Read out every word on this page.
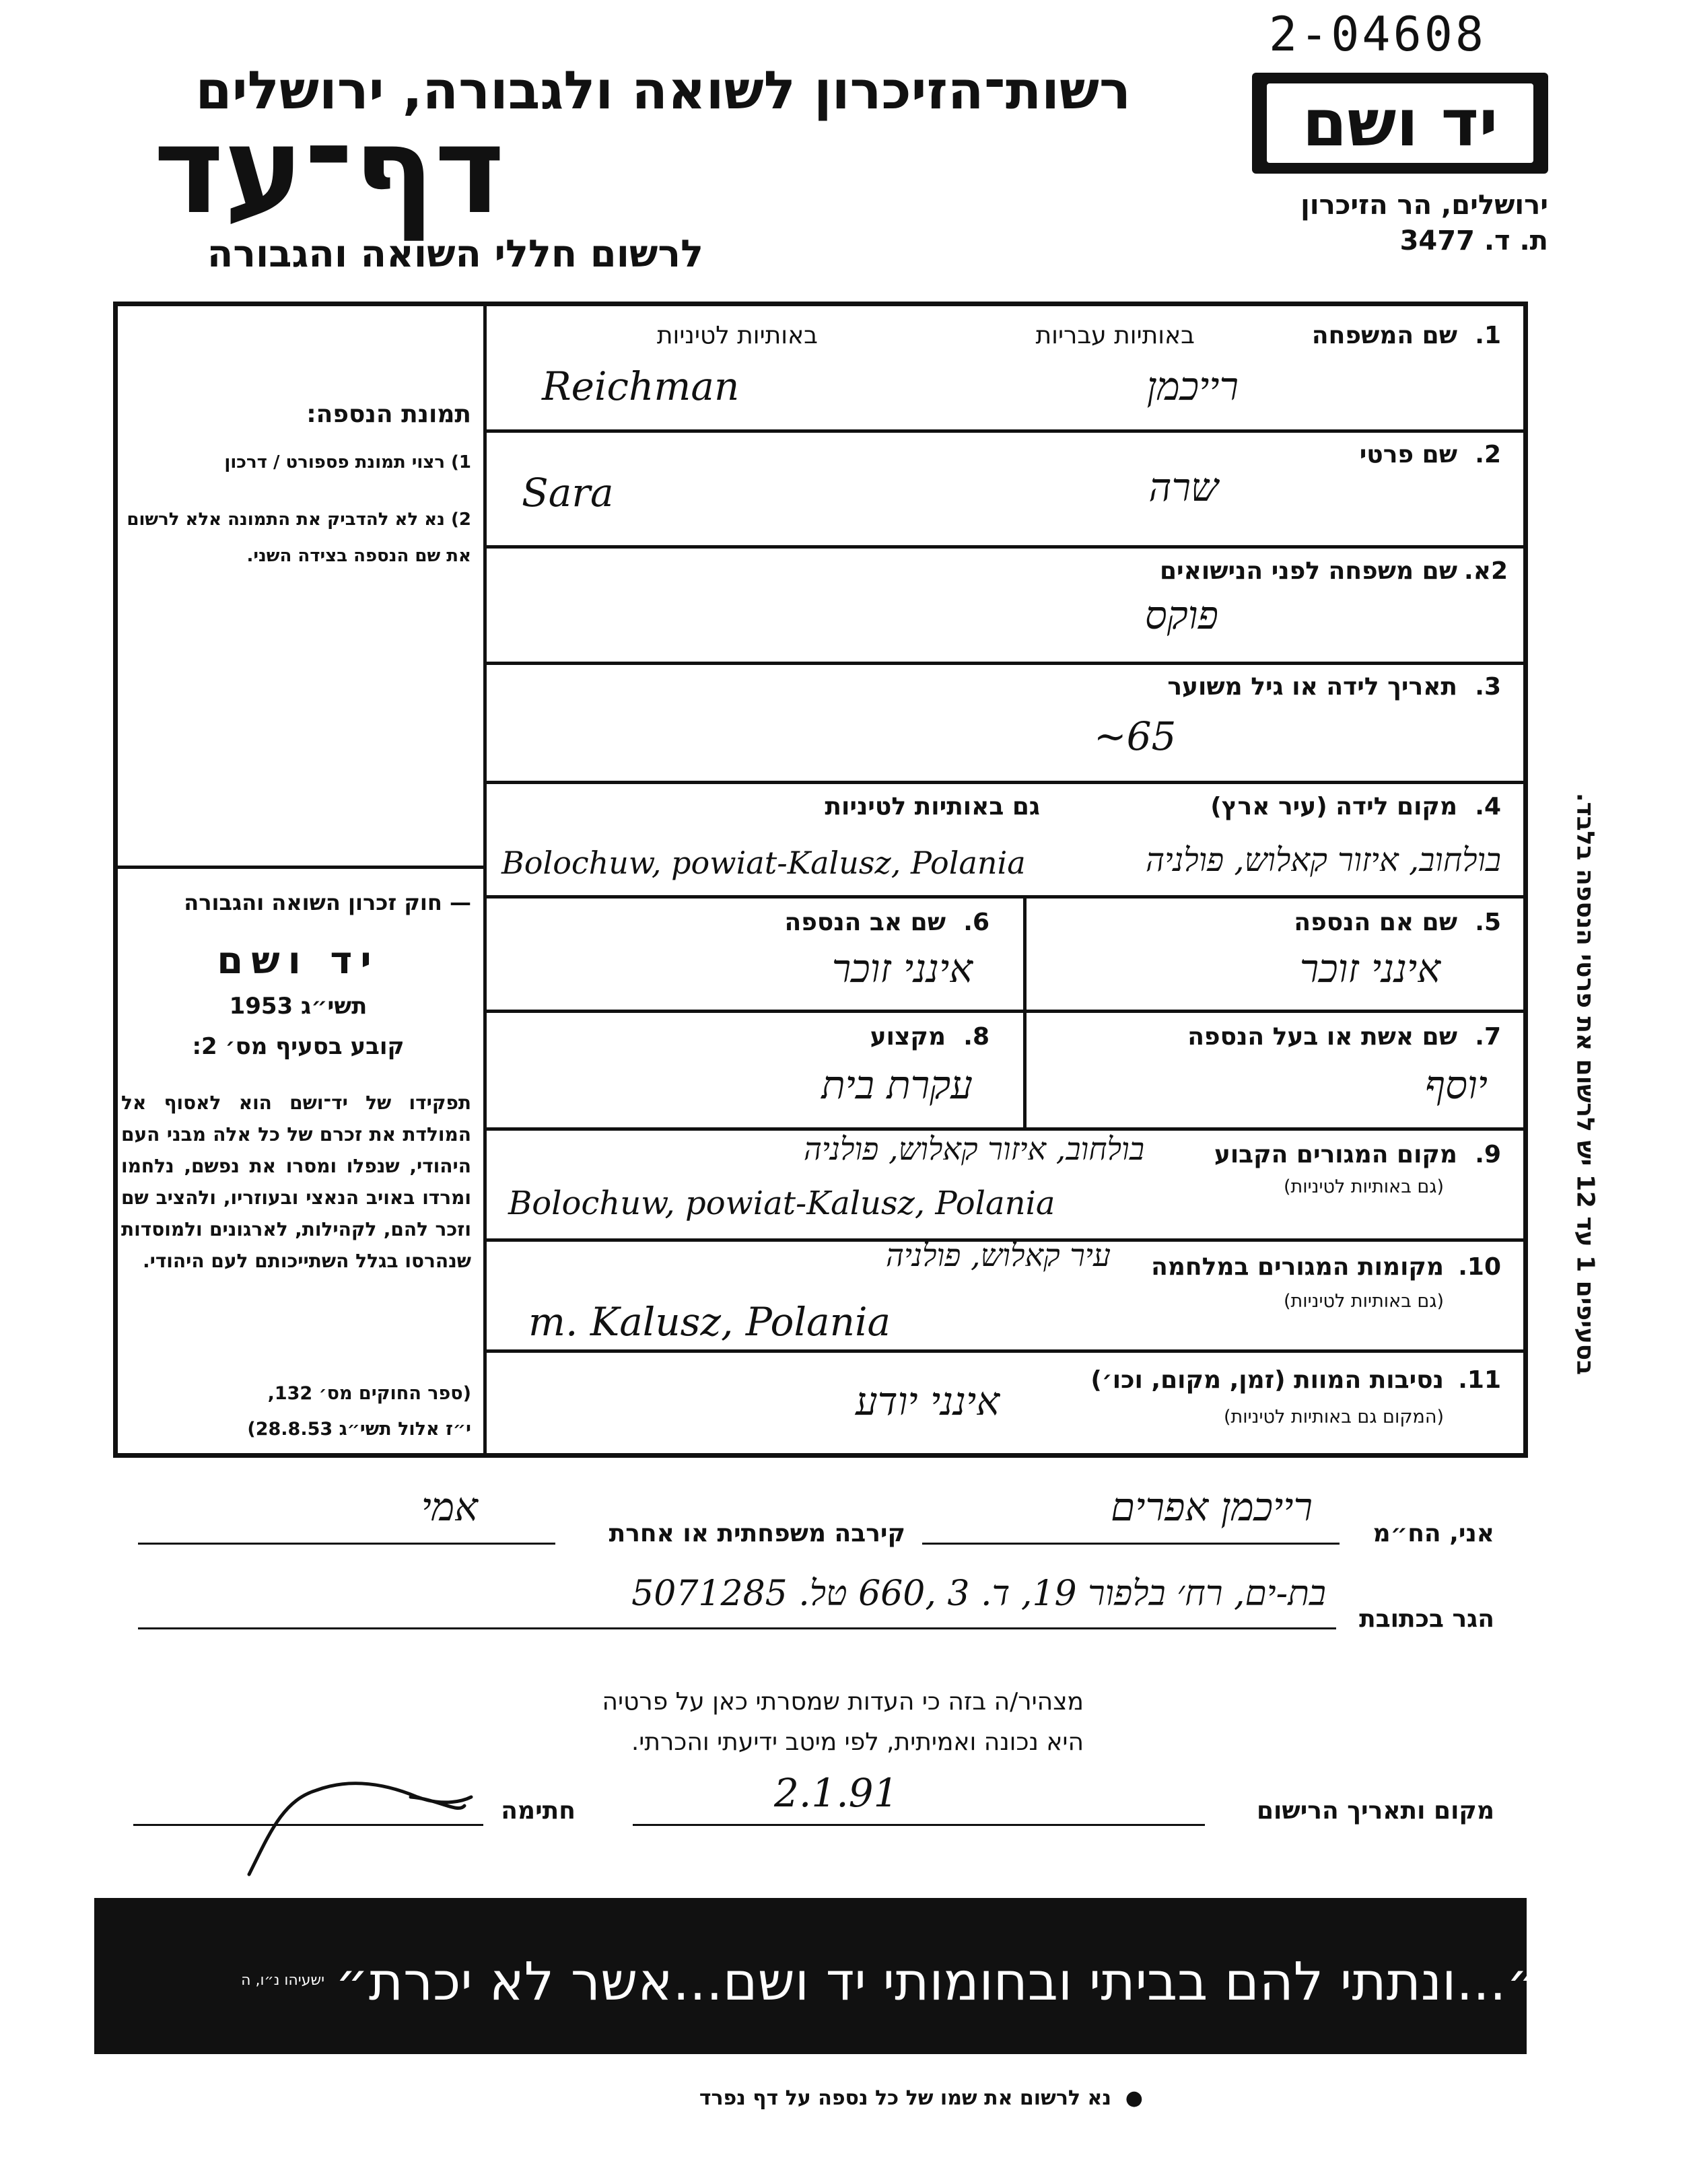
2-04608
רשות־הזיכרון לשואה ולגבורה, ירושלים
דף־עד
לרשום חללי השואה והגבורה
יד ושם
ירושלים, הר הזיכרון
ת. ד. 3477
תמונת הנספה:
1) רצוי תמונת פספורט / דרכון
2) נא לא להדביק את התמונה אלא לרשום את שם הנספה בצידה השני.
— חוק זכרון השואה והגבורה
יד ושם
תשי״ג 1953
קובע בסעיף מס׳ 2:
תפקידו של יד־ושם הוא לאסוף אל המולדת את זכרם של כל אלה מבני העם היהודי, שנפלו ומסרו את נפשם, נלחמו ומרדו באויב הנאצי ובעוזריו, ולהציב שם וזכר להם, לקהילות, לארגונים ולמוסדות שנהרסו בגלל השתייכותם לעם היהודי.
(ספר החוקים מס׳ 132,
י״ז אלול תשי״ג 28.8.53)
1.
שם המשפחה
באותיות עבריות
באותיות לטיניות
רייכמן
Reichman
2.
שם פרטי
שרה
Sara
2א.
שם משפחה לפני הנישואים
פוקס
3.
תאריך לידה או גיל משוער
~65
4.
מקום לידה (עיר ארץ)
גם באותיות לטיניות
Bolochuw, powiat-Kalusz, Polania	בולחוב, איזור קאלוש, פולניה
5.
שם אם הנספה
אינני זוכר
6.
שם אב הנספה
אינני זוכר
7.
שם אשת או בעל הנספה
יוסף
8.
מקצוע
עקרת בית
9.
מקום המגורים הקבוע
(גם באותיות לטיניות)
בולחוב, איזור קאלוש, פולניה
Bolochuw, powiat-Kalusz, Polania
10.
מקומות המגורים במלחמה
(גם באותיות לטיניות)
עיר קאלוש, פולניה
m. Kalusz, Polania
11.
נסיבות המוות (זמן, מקום, וכו׳)
(המקום גם באותיות לטיניות)
אינני יודע
בסעיפים 1 עד 12 יש לרשום את פרטי הנספה בלבד.
אני, הח״מ
רייכמן אפרים
קירבה משפחתית או אחרת
אמי
הגר בכתובת
בת-ים, רח׳ בלפור 19, ד. 3 ,660 טל. 5071285
מצהיר/ה בזה כי העדות שמסרתי כאן על פרטיה
היא נכונה ואמיתית, לפי מיטב ידיעתי והכרתי.
מקום ותאריך הרישום
2.1.91
חתימה
״...ונתתי להם בביתי ובחומותי יד ושם...אשר לא יכרת״
ישעיהו נ״ו, ה
●  נא לרשום את שמו של כל נספה על דף נפרד
